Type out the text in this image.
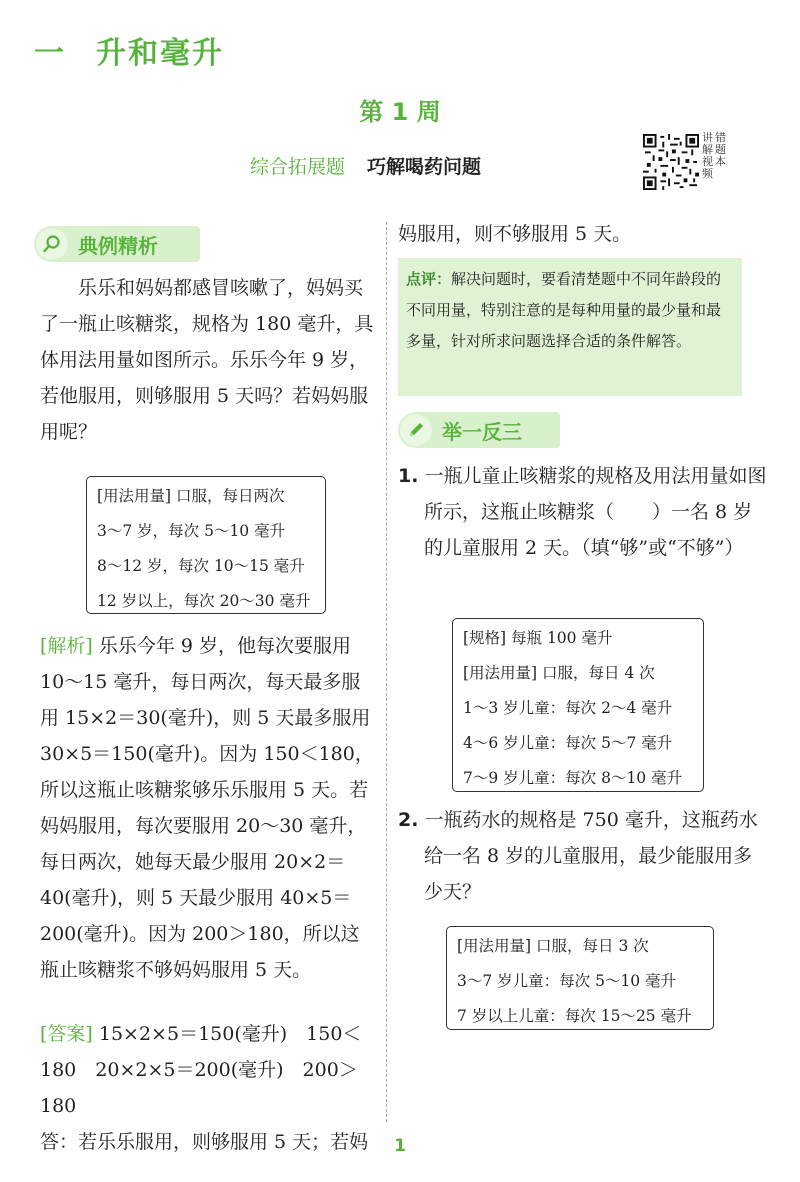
一 升和毫升
第 1 周
综合拓展题 巧解喝药问题
讲解视频
错题本
典例精析
乐乐和妈妈都感冒咳嗽了，妈妈买了一瓶止咳糖浆，规格为 180 毫升，具体用法用量如图所示。乐乐今年 9 岁，若他服用，则够服用 5 天吗？若妈妈服用呢？
[用法用量] 口服，每日两次
3～7 岁，每次 5～10 毫升
8～12 岁，每次 10～15 毫升
12 岁以上，每次 20～30 毫升
[解析] 乐乐今年 9 岁，他每次要服用 10～15 毫升，每日两次，每天最多服用 15×2＝30(毫升)，则 5 天最多服用 30×5＝150(毫升)。因为 150＜180，所以这瓶止咳糖浆够乐乐服用 5 天。若妈妈服用，每次要服用 20～30 毫升，每日两次，她每天最少服用 20×2＝40(毫升)，则 5 天最少服用 40×5＝200(毫升)。因为 200＞180，所以这瓶止咳糖浆不够妈妈服用 5 天。
[答案] 15×2×5＝150(毫升)　150＜
180　20×2×5＝200(毫升)　200＞180
答：若乐乐服用，则够服用 5 天；若妈
妈服用，则不够服用 5 天。
点评：解决问题时，要看清楚题中不同年龄段的不同用量，特别注意的是每种用量的最少量和最多量，针对所求问题选择合适的条件解答。
举一反三
1. 一瓶儿童止咳糖浆的规格及用法用量如图所示，这瓶止咳糖浆（　　）一名 8 岁的儿童服用 2 天。（填“够”或“不够”）
[规格] 每瓶 100 毫升
[用法用量] 口服，每日 4 次
1～3 岁儿童：每次 2～4 毫升
4～6 岁儿童：每次 5～7 毫升
7～9 岁儿童：每次 8～10 毫升
2. 一瓶药水的规格是 750 毫升，这瓶药水给一名 8 岁的儿童服用，最少能服用多少天？
[用法用量] 口服，每日 3 次
3～7 岁儿童：每次 5～10 毫升
7 岁以上儿童：每次 15～25 毫升
1
